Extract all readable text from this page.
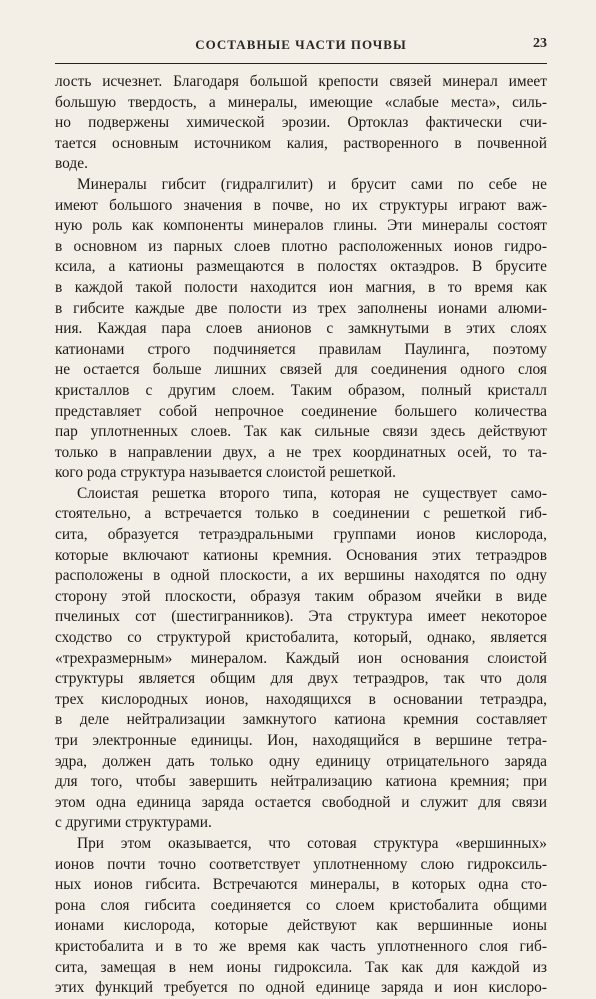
СОСТАВНЫЕ ЧАСТИ ПОЧВЫ	23
лость исчезнет. Благодаря большой крепости связей минерал имеет
большую твердость, а минералы, имеющие «слабые места», силь-
но подвержены химической эрозии. Ортоклаз фактически счи-
тается основным источником калия, растворенного в почвенной
воде.
Минералы гибсит (гидралгилит) и брусит сами по себе не
имеют большого значения в почве, но их структуры играют важ-
ную роль как компоненты минералов глины. Эти минералы состоят
в основном из парных слоев плотно расположенных ионов гидро-
ксила, а катионы размещаются в полостях октаэдров. В брусите
в каждой такой полости находится ион магния, в то время как
в гибсите каждые две полости из трех заполнены ионами алюми-
ния. Каждая пара слоев анионов с замкнутыми в этих слоях
катионами строго подчиняется правилам Паулинга, поэтому
не остается больше лишних связей для соединения одного слоя
кристаллов с другим слоем. Таким образом, полный кристалл
представляет собой непрочное соединение большего количества
пар уплотненных слоев. Так как сильные связи здесь действуют
только в направлении двух, а не трех координатных осей, то та-
кого рода структура называется слоистой решеткой.
Слоистая решетка второго типа, которая не существует само-
стоятельно, а встречается только в соединении с решеткой гиб-
сита, образуется тетраэдральными группами ионов кислорода,
которые включают катионы кремния. Основания этих тетраэдров
расположены в одной плоскости, а их вершины находятся по одну
сторону этой плоскости, образуя таким образом ячейки в виде
пчелиных сот (шестигранников). Эта структура имеет некоторое
сходство со структурой кристобалита, который, однако, является
«трехразмерным» минералом. Каждый ион основания слоистой
структуры является общим для двух тетраэдров, так что доля
трех кислородных ионов, находящихся в основании тетраэдра,
в деле нейтрализации замкнутого катиона кремния составляет
три электронные единицы. Ион, находящийся в вершине тетра-
эдра, должен дать только одну единицу отрицательного заряда
для того, чтобы завершить нейтрализацию катиона кремния; при
этом одна единица заряда остается свободной и служит для связи
с другими структурами.
При этом оказывается, что сотовая структура «вершинных»
ионов почти точно соответствует уплотненному слою гидроксиль-
ных ионов гибсита. Встречаются минералы, в которых одна сто-
рона слоя гибсита соединяется со слоем кристобалита общими
ионами кислорода, которые действуют как вершинные ионы
кристобалита и в то же время как часть уплотненного слоя гиб-
сита, замещая в нем ионы гидроксила. Так как для каждой из
этих функций требуется по одной единице заряда и ион кислоро-
